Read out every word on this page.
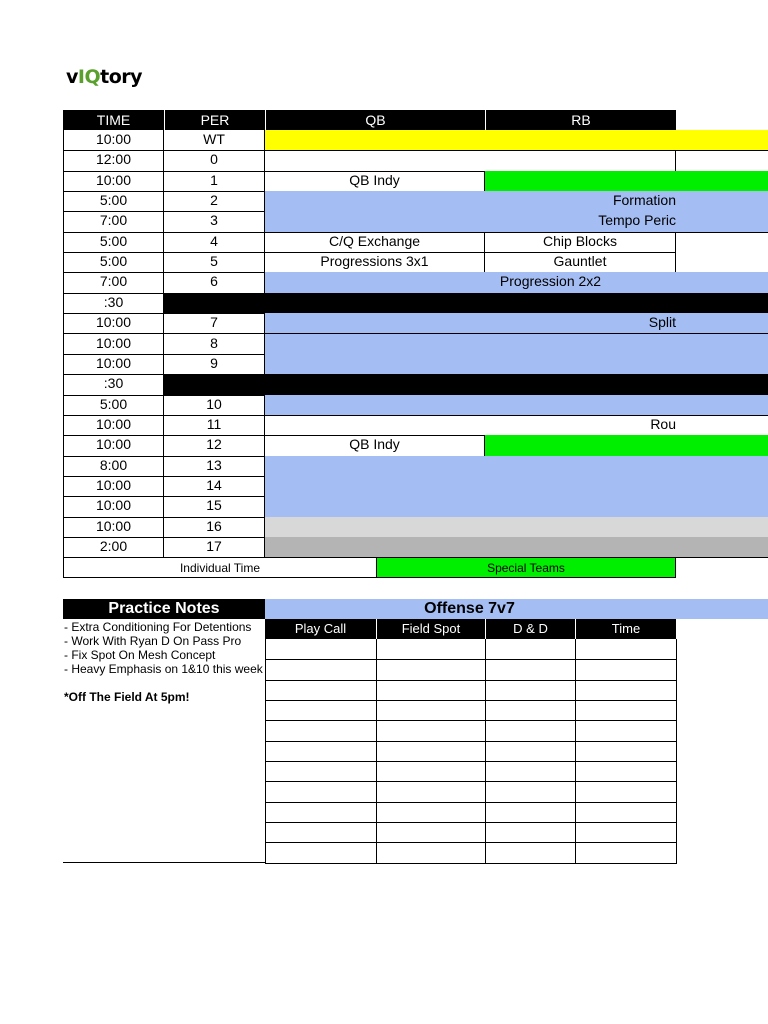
vIQtory
TIME	PER	QB	RB
10:00	WT
12:00	0
10:00	1	QB Indy
5:00	2	Formation
7:00	3	Tempo Peric
5:00	4	C/Q Exchange	Chip Blocks
5:00	5	Progressions 3x1	Gauntlet
7:00	6	Progression 2x2
:30
10:00	7	Split
10:00	8
10:00	9
:30
5:00	10
10:00	11	Rou
10:00	12	QB Indy
8:00	13
10:00	14
10:00	15
10:00	16
2:00	17
Individual Time	Special Teams
Practice Notes
- Extra Conditioning For Detentions
- Work With Ryan D On Pass Pro
- Fix Spot On Mesh Concept
- Heavy Emphasis on 1&10 this week

*Off The Field At 5pm!
Offense 7v7
Play Call	Field Spot	D & D	Time
